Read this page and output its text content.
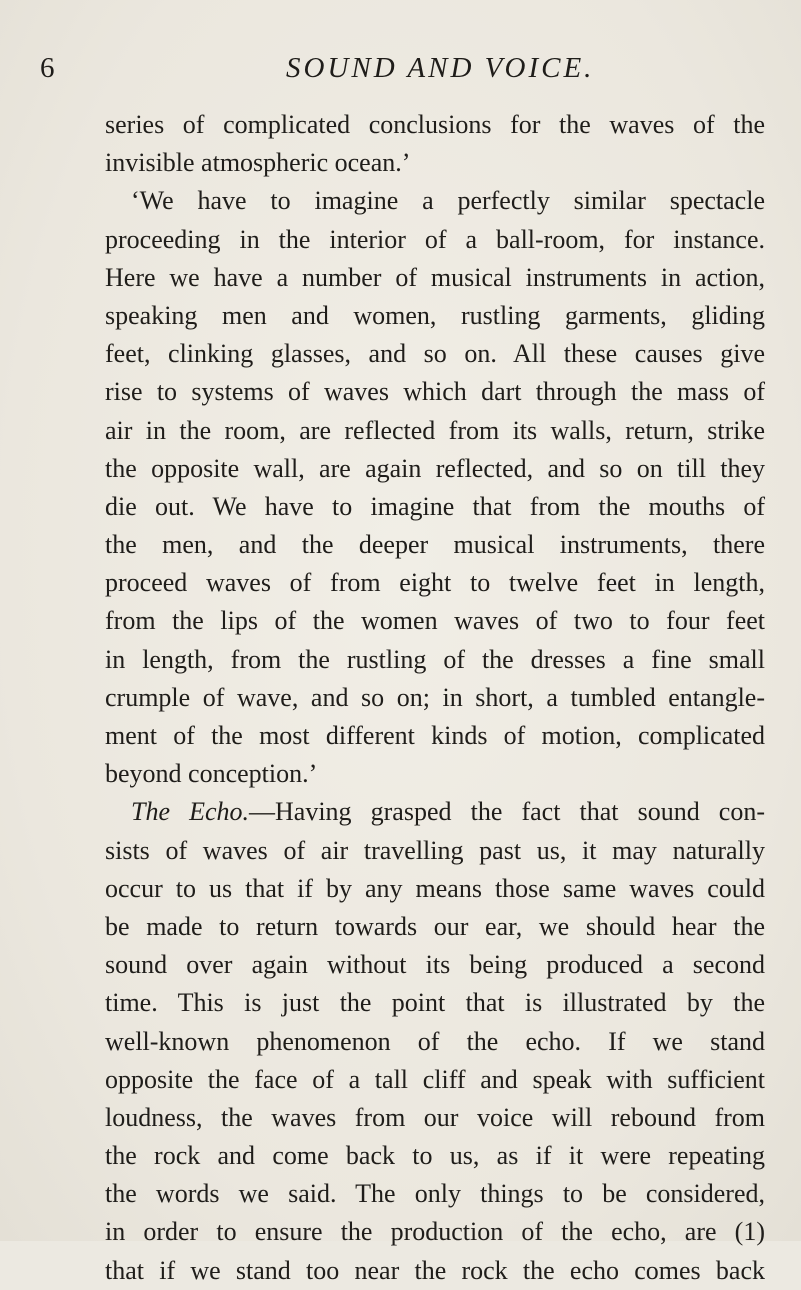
6	SOUND AND VOICE.
series of complicated conclusions for the waves of the
invisible atmospheric ocean.’
‘We have to imagine a perfectly similar spectacle
proceeding in the interior of a ball-room, for instance.
Here we have a number of musical instruments in action,
speaking men and women, rustling garments, gliding
feet, clinking glasses, and so on. All these causes give
rise to systems of waves which dart through the mass of
air in the room, are reflected from its walls, return, strike
the opposite wall, are again reflected, and so on till they
die out. We have to imagine that from the mouths of
the men, and the deeper musical instruments, there
proceed waves of from eight to twelve feet in length,
from the lips of the women waves of two to four feet
in length, from the rustling of the dresses a fine small
crumple of wave, and so on; in short, a tumbled entangle-
ment of the most different kinds of motion, complicated
beyond conception.’
The Echo.—Having grasped the fact that sound con-
sists of waves of air travelling past us, it may naturally
occur to us that if by any means those same waves could
be made to return towards our ear, we should hear the
sound over again without its being produced a second
time. This is just the point that is illustrated by the
well-known phenomenon of the echo. If we stand
opposite the face of a tall cliff and speak with sufficient
loudness, the waves from our voice will rebound from
the rock and come back to us, as if it were repeating
the words we said. The only things to be considered,
in order to ensure the production of the echo, are (1)
that if we stand too near the rock the echo comes back
